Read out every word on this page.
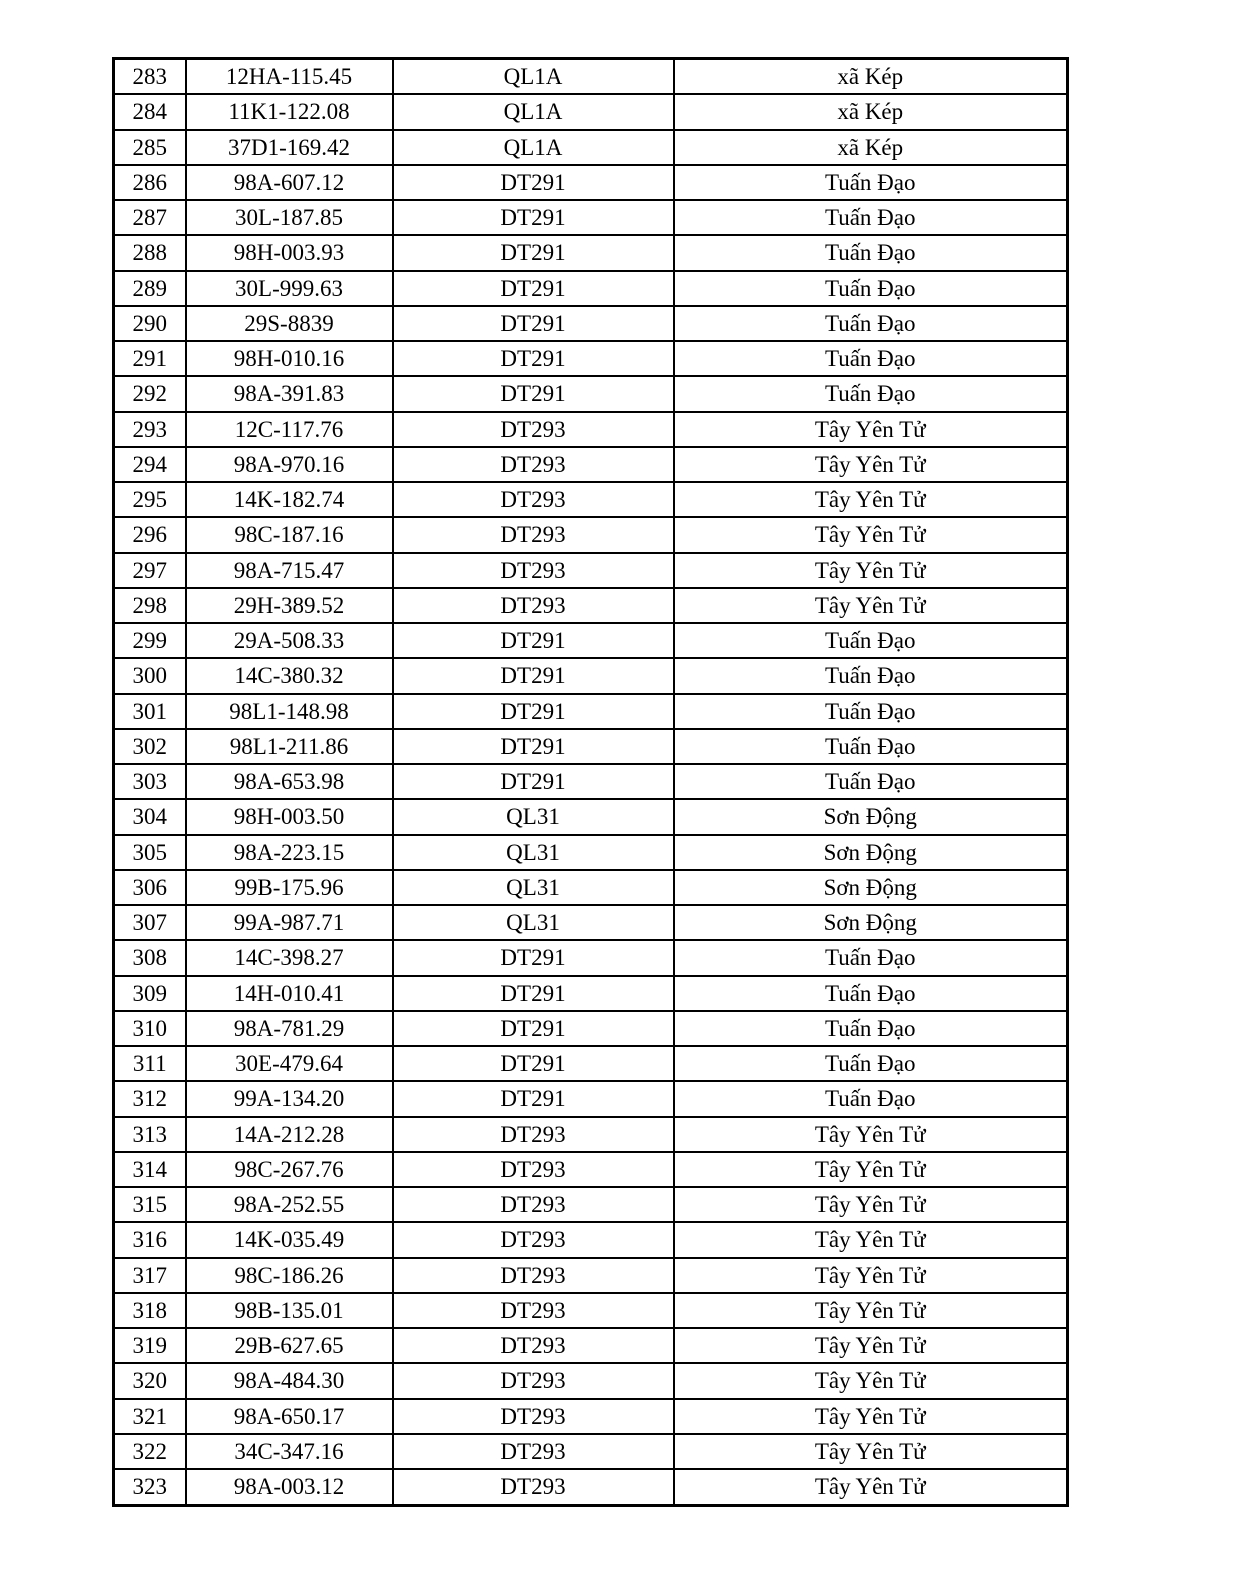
283	12HA-115.45	QL1A	xã Kép
284	11K1-122.08	QL1A	xã Kép
285	37D1-169.42	QL1A	xã Kép
286	98A-607.12	DT291	Tuấn Đạo
287	30L-187.85	DT291	Tuấn Đạo
288	98H-003.93	DT291	Tuấn Đạo
289	30L-999.63	DT291	Tuấn Đạo
290	29S-8839	DT291	Tuấn Đạo
291	98H-010.16	DT291	Tuấn Đạo
292	98A-391.83	DT291	Tuấn Đạo
293	12C-117.76	DT293	Tây Yên Tử
294	98A-970.16	DT293	Tây Yên Tử
295	14K-182.74	DT293	Tây Yên Tử
296	98C-187.16	DT293	Tây Yên Tử
297	98A-715.47	DT293	Tây Yên Tử
298	29H-389.52	DT293	Tây Yên Tử
299	29A-508.33	DT291	Tuấn Đạo
300	14C-380.32	DT291	Tuấn Đạo
301	98L1-148.98	DT291	Tuấn Đạo
302	98L1-211.86	DT291	Tuấn Đạo
303	98A-653.98	DT291	Tuấn Đạo
304	98H-003.50	QL31	Sơn Động
305	98A-223.15	QL31	Sơn Động
306	99B-175.96	QL31	Sơn Động
307	99A-987.71	QL31	Sơn Động
308	14C-398.27	DT291	Tuấn Đạo
309	14H-010.41	DT291	Tuấn Đạo
310	98A-781.29	DT291	Tuấn Đạo
311	30E-479.64	DT291	Tuấn Đạo
312	99A-134.20	DT291	Tuấn Đạo
313	14A-212.28	DT293	Tây Yên Tử
314	98C-267.76	DT293	Tây Yên Tử
315	98A-252.55	DT293	Tây Yên Tử
316	14K-035.49	DT293	Tây Yên Tử
317	98C-186.26	DT293	Tây Yên Tử
318	98B-135.01	DT293	Tây Yên Tử
319	29B-627.65	DT293	Tây Yên Tử
320	98A-484.30	DT293	Tây Yên Tử
321	98A-650.17	DT293	Tây Yên Tử
322	34C-347.16	DT293	Tây Yên Tử
323	98A-003.12	DT293	Tây Yên Tử
